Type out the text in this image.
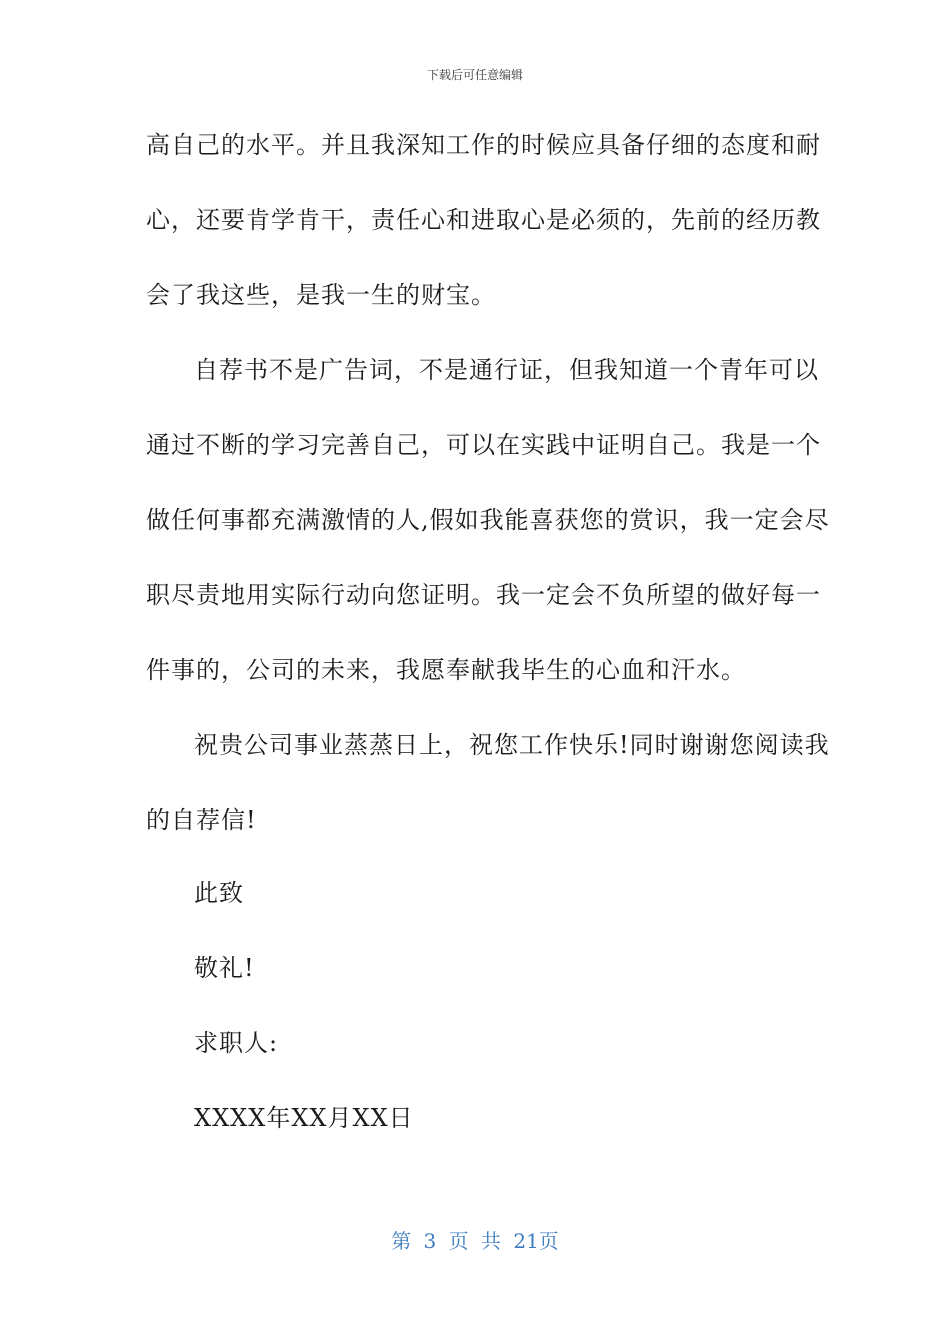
下载后可任意编辑
高自己的水平。并且我深知工作的时候应具备仔细的态度和耐
心，还要肯学肯干，责任心和进取心是必须的，先前的经历教
会了我这些，是我一生的财宝。
自荐书不是广告词，不是通行证，但我知道一个青年可以
通过不断的学习完善自己，可以在实践中证明自己。我是一个
做任何事都充满激情的人,假如我能喜获您的赏识，我一定会尽
职尽责地用实际行动向您证明。我一定会不负所望的做好每一
件事的，公司的未来，我愿奉献我毕生的心血和汗水。
祝贵公司事业蒸蒸日上，祝您工作快乐!同时谢谢您阅读我
的自荐信!
此致
敬礼!
求职人:
XXXX年XX月XX日
第 3 页 共 21页
